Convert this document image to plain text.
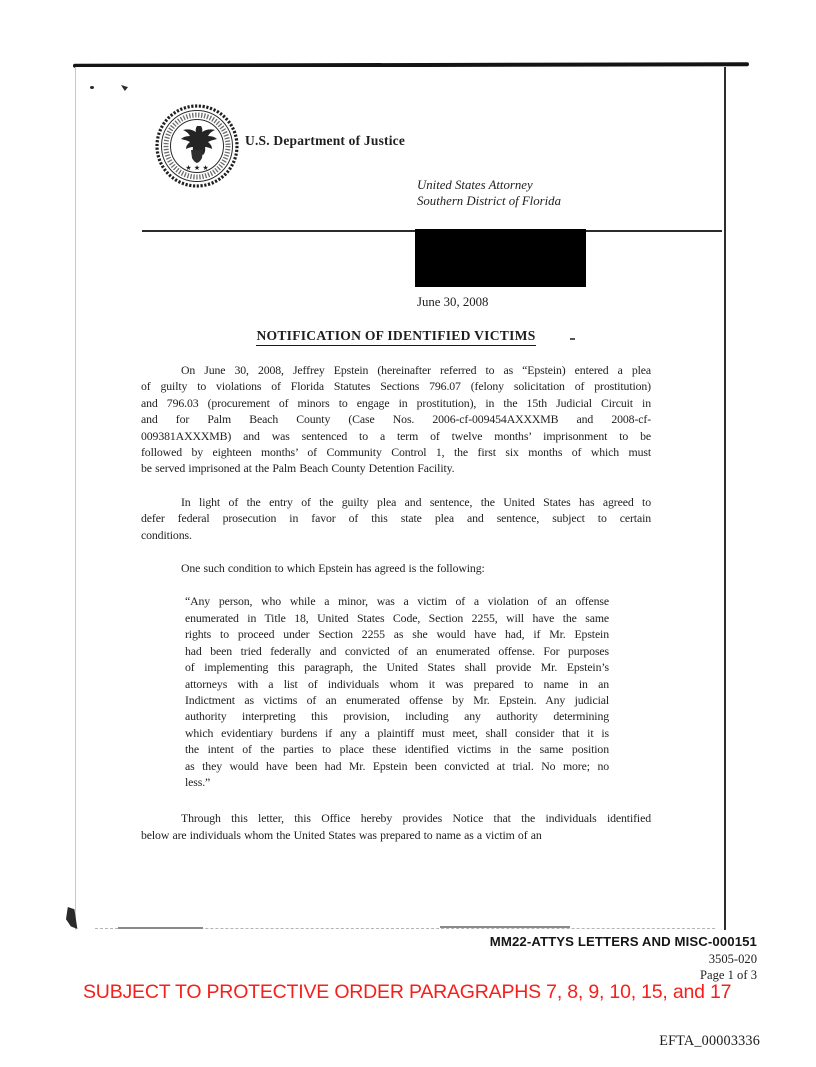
★ ★ ★
U.S. Department of Justice
United States Attorney
Southern District of Florida
June 30, 2008
NOTIFICATION OF IDENTIFIED VICTIMS
On June 30, 2008, Jeffrey Epstein (hereinafter referred to as “Epstein) entered a plea
of guilty to violations of Florida Statutes Sections 796.07 (felony solicitation of prostitution)
and 796.03 (procurement of minors to engage in prostitution), in the 15th Judicial Circuit in
and for Palm Beach County (Case Nos. 2006-cf-009454AXXXMB and 2008-cf-
009381AXXXMB) and was sentenced to a term of twelve months’ imprisonment to be
followed by eighteen months’ of Community Control 1, the first six months of which must
be served imprisoned at the Palm Beach County Detention Facility.
In light of the entry of the guilty plea and sentence, the United States has agreed to
defer federal prosecution in favor of this state plea and sentence, subject to certain
conditions.
One such condition to which Epstein has agreed is the following:
“Any person, who while a minor, was a victim of a violation of an offense
enumerated in Title 18, United States Code, Section 2255, will have the same
rights to proceed under Section 2255 as she would have had, if Mr. Epstein
had been tried federally and convicted of an enumerated offense. For purposes
of implementing this paragraph, the United States shall provide Mr. Epstein’s
attorneys with a list of individuals whom it was prepared to name in an
Indictment as victims of an enumerated offense by Mr. Epstein. Any judicial
authority interpreting this provision, including any authority determining
which evidentiary burdens if any a plaintiff must meet, shall consider that it is
the intent of the parties to place these identified victims in the same position
as they would have been had Mr. Epstein been convicted at trial. No more; no
less.”
Through this letter, this Office hereby provides Notice that the individuals identified
below are individuals whom the United States was prepared to name as a victim of an
MM22-ATTYS LETTERS AND MISC-000151
3505-020
Page 1 of 3
SUBJECT TO PROTECTIVE ORDER PARAGRAPHS 7, 8, 9, 10, 15, and 17
EFTA_00003336
